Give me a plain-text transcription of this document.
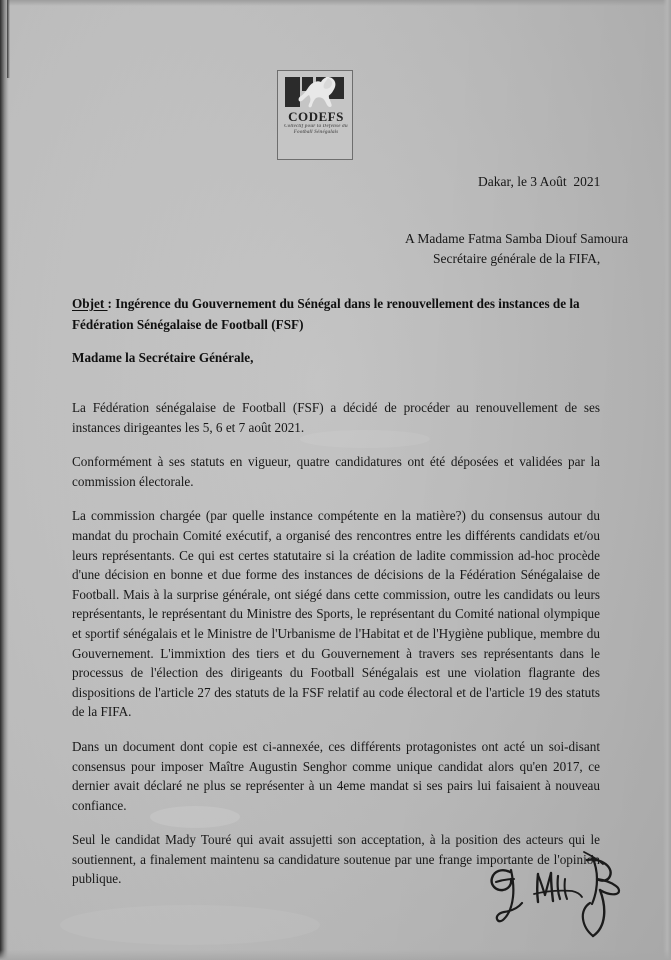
CODEFS
Collectif pour la Défense du Football Sénégalais
Dakar, le 3 Août  2021
A Madame Fatma Samba Diouf Samoura
Secrétaire générale de la FIFA,
Objet : Ingérence du Gouvernement du Sénégal dans le renouvellement des instances de la Fédération Sénégalaise de Football (FSF)
Madame la Secrétaire Générale,

La Fédération sénégalaise de Football (FSF) a décidé de procéder au renouvellement de ses instances dirigeantes les 5, 6 et 7 août 2021.

Conformément à ses statuts en vigueur, quatre candidatures ont été déposées et validées par la commission électorale.

La commission chargée (par quelle instance compétente en la matière?) du consensus autour du mandat du prochain Comité exécutif, a organisé des rencontres entre les différents candidats et/ou leurs représentants. Ce qui est certes statutaire si la création de ladite commission ad-hoc procède d'une décision en bonne et due forme des instances de décisions de la Fédération Sénégalaise de Football. Mais à la surprise générale, ont siégé dans cette commission, outre les candidats ou leurs représentants, le représentant du Ministre des Sports, le représentant du Comité national olympique et sportif sénégalais et le Ministre de l'Urbanisme de l'Habitat et de l'Hygiène publique, membre du Gouvernement. L'immixtion des tiers et du Gouvernement à travers ses représentants dans le processus de l'élection des dirigeants du Football Sénégalais est une violation flagrante des dispositions de l'article 27 des statuts de la FSF relatif au code électoral et de l'article 19 des statuts de la FIFA.

Dans un document dont copie est ci-annexée, ces différents protagonistes ont acté un soi-disant consensus pour imposer Maître Augustin Senghor comme unique candidat alors qu'en 2017, ce dernier avait déclaré ne plus se représenter à un 4eme mandat si ses pairs lui faisaient à nouveau confiance.

Seul le candidat Mady Touré qui avait assujetti son acceptation, à la position des acteurs qui le soutiennent, a finalement maintenu sa candidature soutenue par une frange importante de l'opinion publique.
